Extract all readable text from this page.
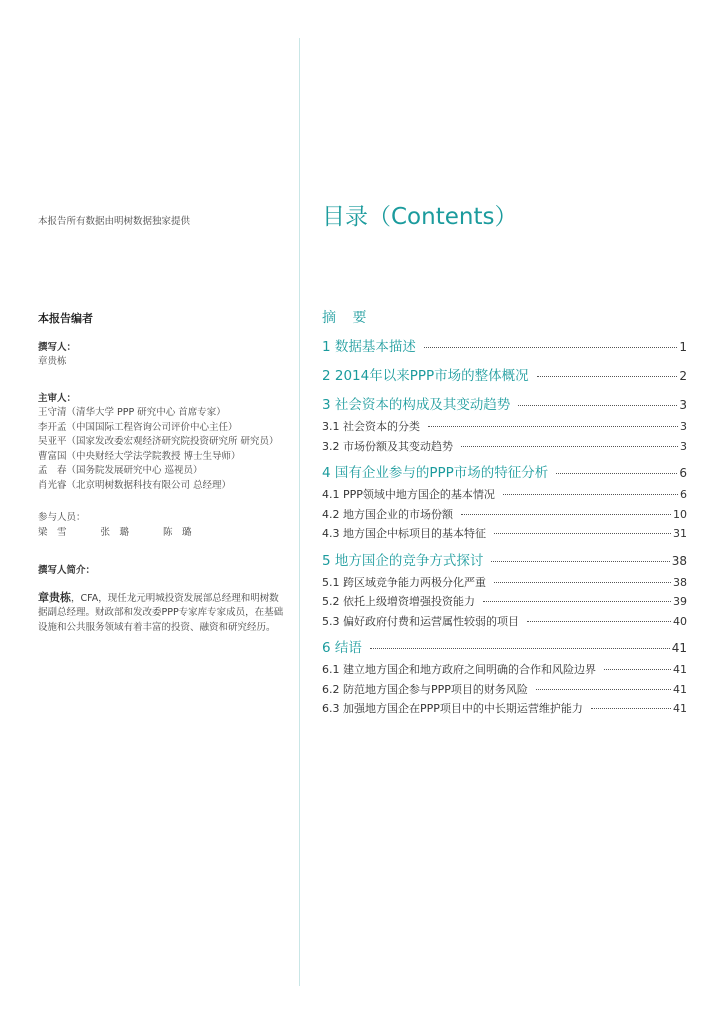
本报告所有数据由明树数据独家提供
本报告编者
撰写人：
章贵栋
主审人：
王守清（清华大学 PPP 研究中心 首席专家）
李开孟（中国国际工程咨询公司评价中心主任）
吴亚平（国家发改委宏观经济研究院投资研究所 研究员）
曹富国（中央财经大学法学院教授 博士生导师）
孟　春（国务院发展研究中心 巡视员）
肖光睿（北京明树数据科技有限公司 总经理）
参与人员：
梁　雪	张　璐	陈　璐
撰写人简介：
章贵栋，CFA，现任龙元明城投资发展部总经理和明树数据副总经理。财政部和发改委PPP专家库专家成员，在基础设施和公共服务领域有着丰富的投资、融资和研究经历。
目录（Contents）
摘 要
1 数据基本描述	1
2 2014年以来PPP市场的整体概况	2
3 社会资本的构成及其变动趋势	3
3.1 社会资本的分类	3
3.2 市场份额及其变动趋势	3
4 国有企业参与的PPP市场的特征分析	6
4.1 PPP领域中地方国企的基本情况	6
4.2 地方国企业的市场份额	10
4.3 地方国企中标项目的基本特征	31
5 地方国企的竞争方式探讨	38
5.1 跨区域竞争能力两极分化严重	38
5.2 依托上级增资增强投资能力	39
5.3 偏好政府付费和运营属性较弱的项目	40
6 结语	41
6.1 建立地方国企和地方政府之间明确的合作和风险边界	41
6.2 防范地方国企参与PPP项目的财务风险	41
6.3 加强地方国企在PPP项目中的中长期运营维护能力	41
